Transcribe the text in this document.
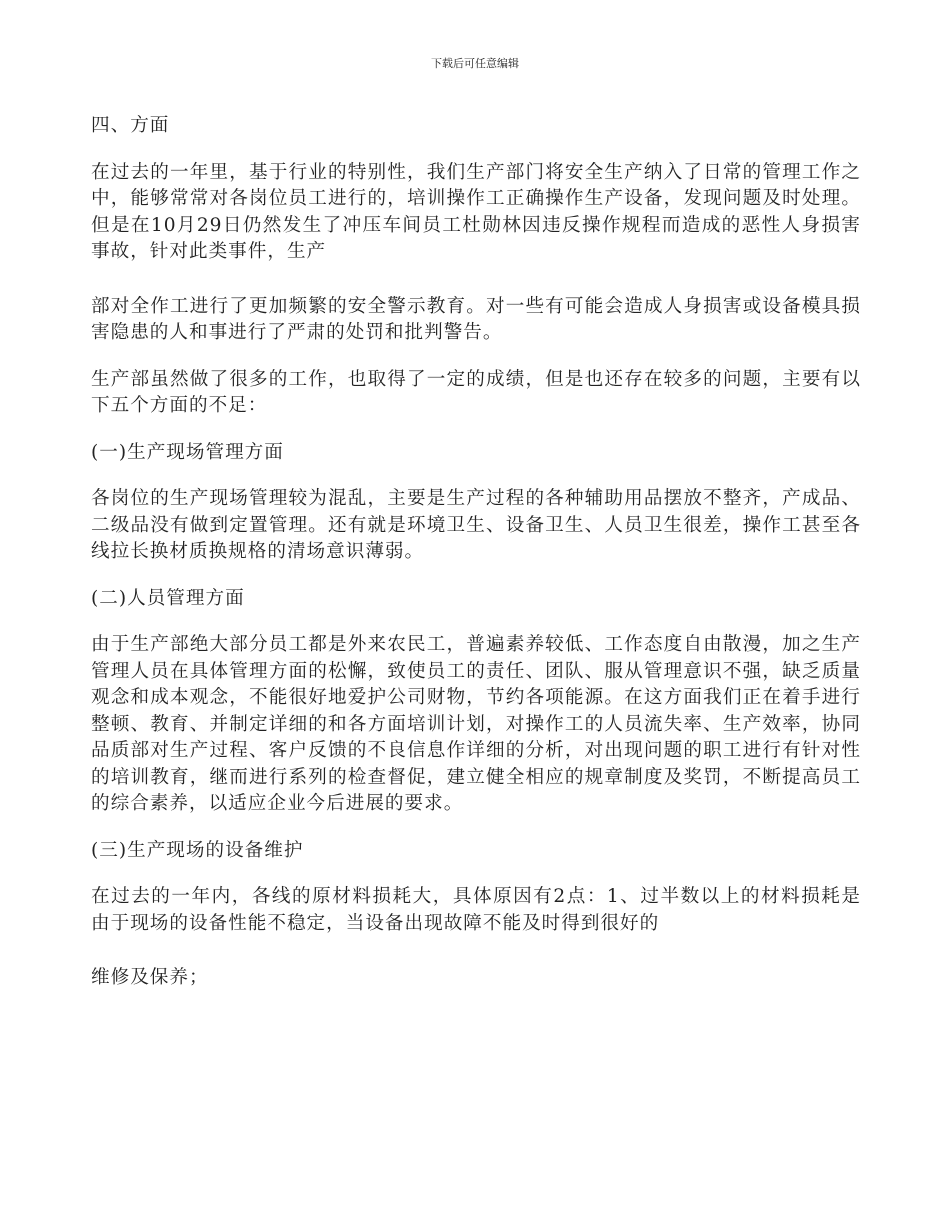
下载后可任意编辑

四、方面

在过去的一年里，基于行业的特别性，我们生产部门将安全生产纳入了日常的管理工作之中，能够常常对各岗位员工进行的，培训操作工正确操作生产设备，发现问题及时处理。但是在10月29日仍然发生了冲压车间员工杜勋林因违反操作规程而造成的恶性人身损害事故，针对此类事件，生产

部对全作工进行了更加频繁的安全警示教育。对一些有可能会造成人身损害或设备模具损害隐患的人和事进行了严肃的处罚和批判警告。

生产部虽然做了很多的工作，也取得了一定的成绩，但是也还存在较多的问题，主要有以下五个方面的不足：

(一)生产现场管理方面

各岗位的生产现场管理较为混乱，主要是生产过程的各种辅助用品摆放不整齐，产成品、二级品没有做到定置管理。还有就是环境卫生、设备卫生、人员卫生很差，操作工甚至各线拉长换材质换规格的清场意识薄弱。

(二)人员管理方面

由于生产部绝大部分员工都是外来农民工，普遍素养较低、工作态度自由散漫，加之生产管理人员在具体管理方面的松懈，致使员工的责任、团队、服从管理意识不强，缺乏质量观念和成本观念，不能很好地爱护公司财物，节约各项能源。在这方面我们正在着手进行整顿、教育、并制定详细的和各方面培训计划，对操作工的人员流失率、生产效率，协同品质部对生产过程、客户反馈的不良信息作详细的分析，对出现问题的职工进行有针对性的培训教育，继而进行系列的检查督促，建立健全相应的规章制度及奖罚，不断提高员工的综合素养，以适应企业今后进展的要求。

(三)生产现场的设备维护

在过去的一年内，各线的原材料损耗大，具体原因有2点：1、过半数以上的材料损耗是由于现场的设备性能不稳定，当设备出现故障不能及时得到很好的

维修及保养；
